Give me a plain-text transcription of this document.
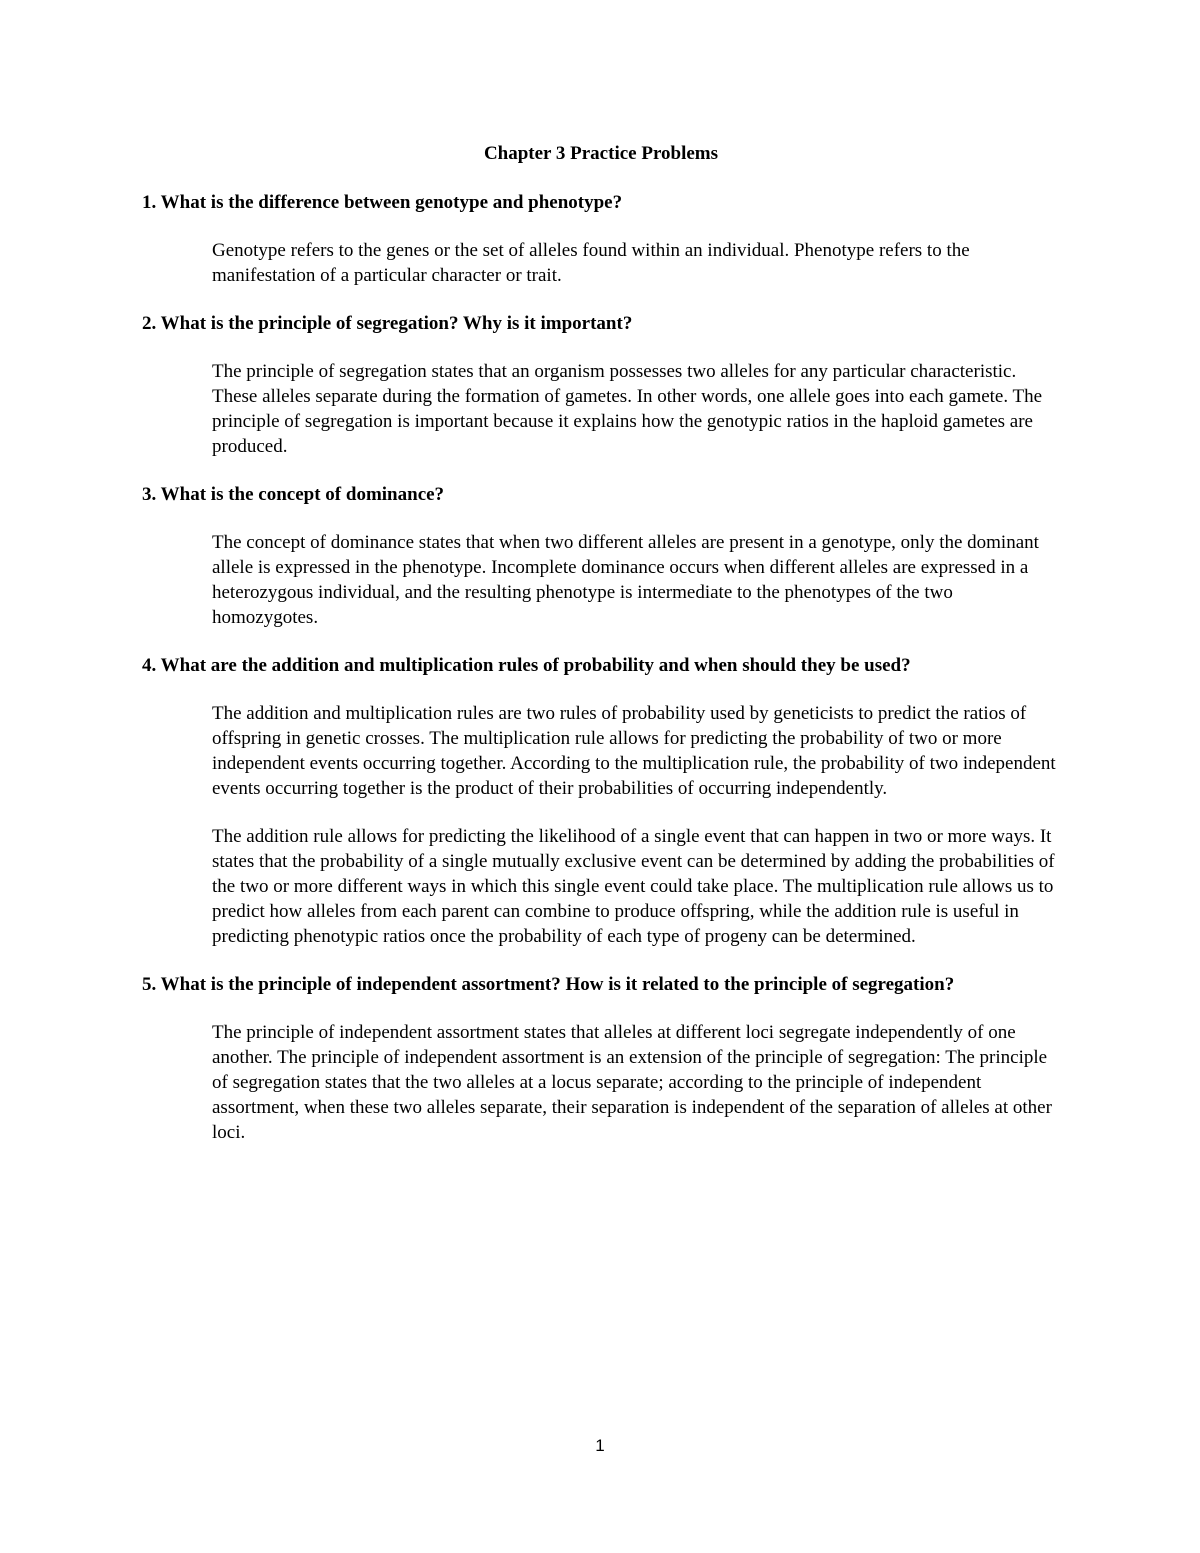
Chapter 3 Practice Problems
1. What is the difference between genotype and phenotype?
Genotype refers to the genes or the set of alleles found within an individual. Phenotype refers to the manifestation of a particular character or trait.
2. What is the principle of segregation? Why is it important?
The principle of segregation states that an organism possesses two alleles for any particular characteristic. These alleles separate during the formation of gametes. In other words, one allele goes into each gamete. The principle of segregation is important because it explains how the genotypic ratios in the haploid gametes are produced.
3. What is the concept of dominance?
The concept of dominance states that when two different alleles are present in a genotype, only the dominant allele is expressed in the phenotype. Incomplete dominance occurs when different alleles are expressed in a heterozygous individual, and the resulting phenotype is intermediate to the phenotypes of the two homozygotes.
4. What are the addition and multiplication rules of probability and when should they be used?
The addition and multiplication rules are two rules of probability used by geneticists to predict the ratios of offspring in genetic crosses. The multiplication rule allows for predicting the probability of two or more independent events occurring together. According to the multiplication rule, the probability of two independent events occurring together is the product of their probabilities of occurring independently.
The addition rule allows for predicting the likelihood of a single event that can happen in two or more ways. It states that the probability of a single mutually exclusive event can be determined by adding the probabilities of the two or more different ways in which this single event could take place. The multiplication rule allows us to predict how alleles from each parent can combine to produce offspring, while the addition rule is useful in predicting phenotypic ratios once the probability of each type of progeny can be determined.
5. What is the principle of independent assortment? How is it related to the principle of segregation?
The principle of independent assortment states that alleles at different loci segregate independently of one another. The principle of independent assortment is an extension of the principle of segregation: The principle of segregation states that the two alleles at a locus separate; according to the principle of independent assortment, when these two alleles separate, their separation is independent of the separation of alleles at other loci.
1
